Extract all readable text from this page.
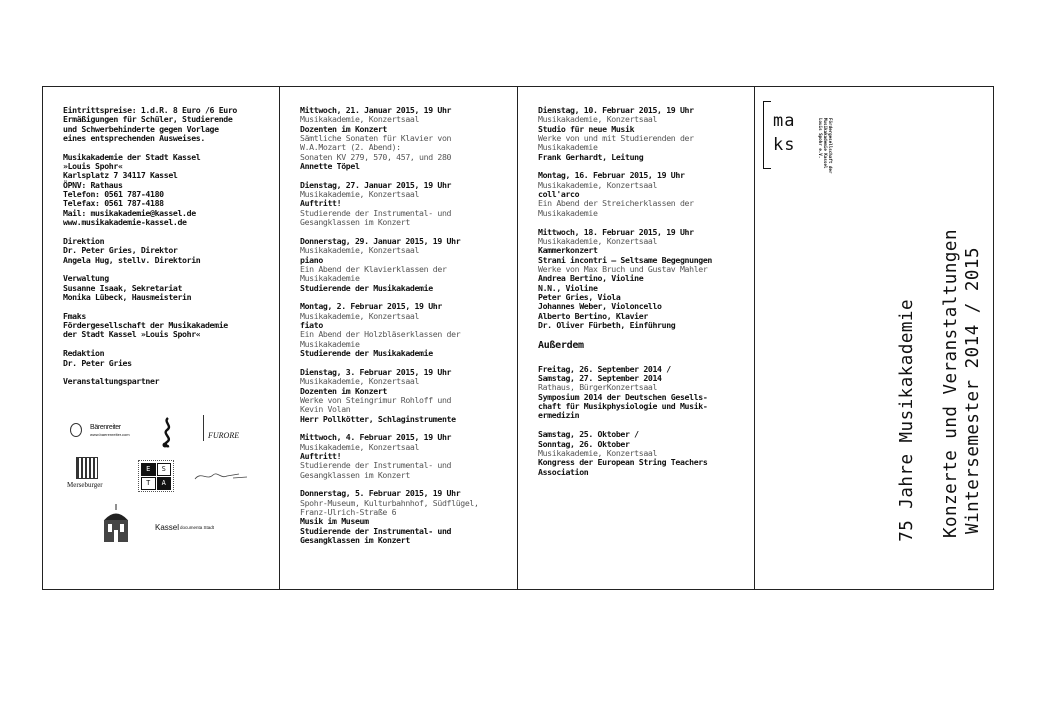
Eintrittspreise: 1.d.R. 8 Euro /6 Euro
Ermäßigungen für Schüler, Studierende
und Schwerbehinderte gegen Vorlage
eines entsprechenden Ausweises.
Musikakademie der Stadt Kassel
»Louis Spohr«
Karlsplatz 7 34117 Kassel
ÖPNV: Rathaus
Telefon: 0561 787-4180
Telefax: 0561 787-4188
Mail: musikakademie@kassel.de
www.musikakademie-kassel.de
Direktion
Dr. Peter Gries, Direktor
Angela Hug, stellv. Direktorin
Verwaltung
Susanne Isaak, Sekretariat
Monika Lübeck, Hausmeisterin
Fmaks
Fördergesellschaft der Musikakademie
der Stadt Kassel »Louis Spohr«
Redaktion
Dr. Peter Gries
Veranstaltungspartner
Mittwoch, 21. Januar 2015, 19 Uhr
Musikakademie, Konzertsaal
Dozenten im Konzert
Sämtliche Sonaten für Klavier von
W.A.Mozart (2. Abend):
Sonaten KV 279, 570, 457, und 280
Annette Töpel
Dienstag, 27. Januar 2015, 19 Uhr
Musikakademie, Konzertsaal
Auftritt!
Studierende der Instrumental- und
Gesangklassen im Konzert
Donnerstag, 29. Januar 2015, 19 Uhr
Musikakademie, Konzertsaal
piano
Ein Abend der Klavierklassen der
Musikakademie
Studierende der Musikakademie
Montag, 2. Februar 2015, 19 Uhr
Musikakademie, Konzertsaal
fiato
Ein Abend der Holzbläserklassen der
Musikakademie
Studierende der Musikakademie
Dienstag, 3. Februar 2015, 19 Uhr
Musikakademie, Konzertsaal
Dozenten im Konzert
Werke von Steingrimur Rohloff und
Kevin Volan
Herr Pollkötter, Schlaginstrumente
Mittwoch, 4. Februar 2015, 19 Uhr
Musikakademie, Konzertsaal
Auftritt!
Studierende der Instrumental- und
Gesangklassen im Konzert
Donnerstag, 5. Februar 2015, 19 Uhr
Spohr-Museum, Kulturbahnhof, Südflügel,
Franz-Ulrich-Straße 6
Musik im Museum
Studierende der Instrumental- und
Gesangklassen im Konzert
Dienstag, 10. Februar 2015, 19 Uhr
Musikakademie, Konzertsaal
Studio für neue Musik
Werke von und mit Studierenden der
Musikakademie
Frank Gerhardt, Leitung
Montag, 16. Februar 2015, 19 Uhr
Musikakademie, Konzertsaal
coll'arco
Ein Abend der Streicherklassen der
Musikakademie
Mittwoch, 18. Februar 2015, 19 Uhr
Musikakademie, Konzertsaal
Kammerkonzert
Strani incontri – Seltsame Begegnungen
Werke von Max Bruch und Gustav Mahler
Andrea Bertino, Violine
N.N., Violine
Peter Gries, Viola
Johannes Weber, Violoncello
Alberto Bertino, Klavier
Dr. Oliver Fürbeth, Einführung
Außerdem
Freitag, 26. September 2014 /
Samstag, 27. September 2014
Rathaus, BürgerKonzertsaal
Symposium 2014 der Deutschen Gesells-
chaft für Musikphysiologie und Musik-
ermedizin
Samstag, 25. Oktober /
Sonntag, 26. Oktober
Musikakademie, Konzertsaal
Kongress der European String Teachers
Association
ma
ks	Fördergesellschaft der
Musikakademie Kassel
Louis Spohr e.V.
75 Jahre Musikakademie Konzerte und Veranstaltungen Wintersemester 2014 / 2015
Bärenreiter
www.baerenreiter.com	FURORE
Merseburger
E	S
T	A
Kassel documenta Stadt
